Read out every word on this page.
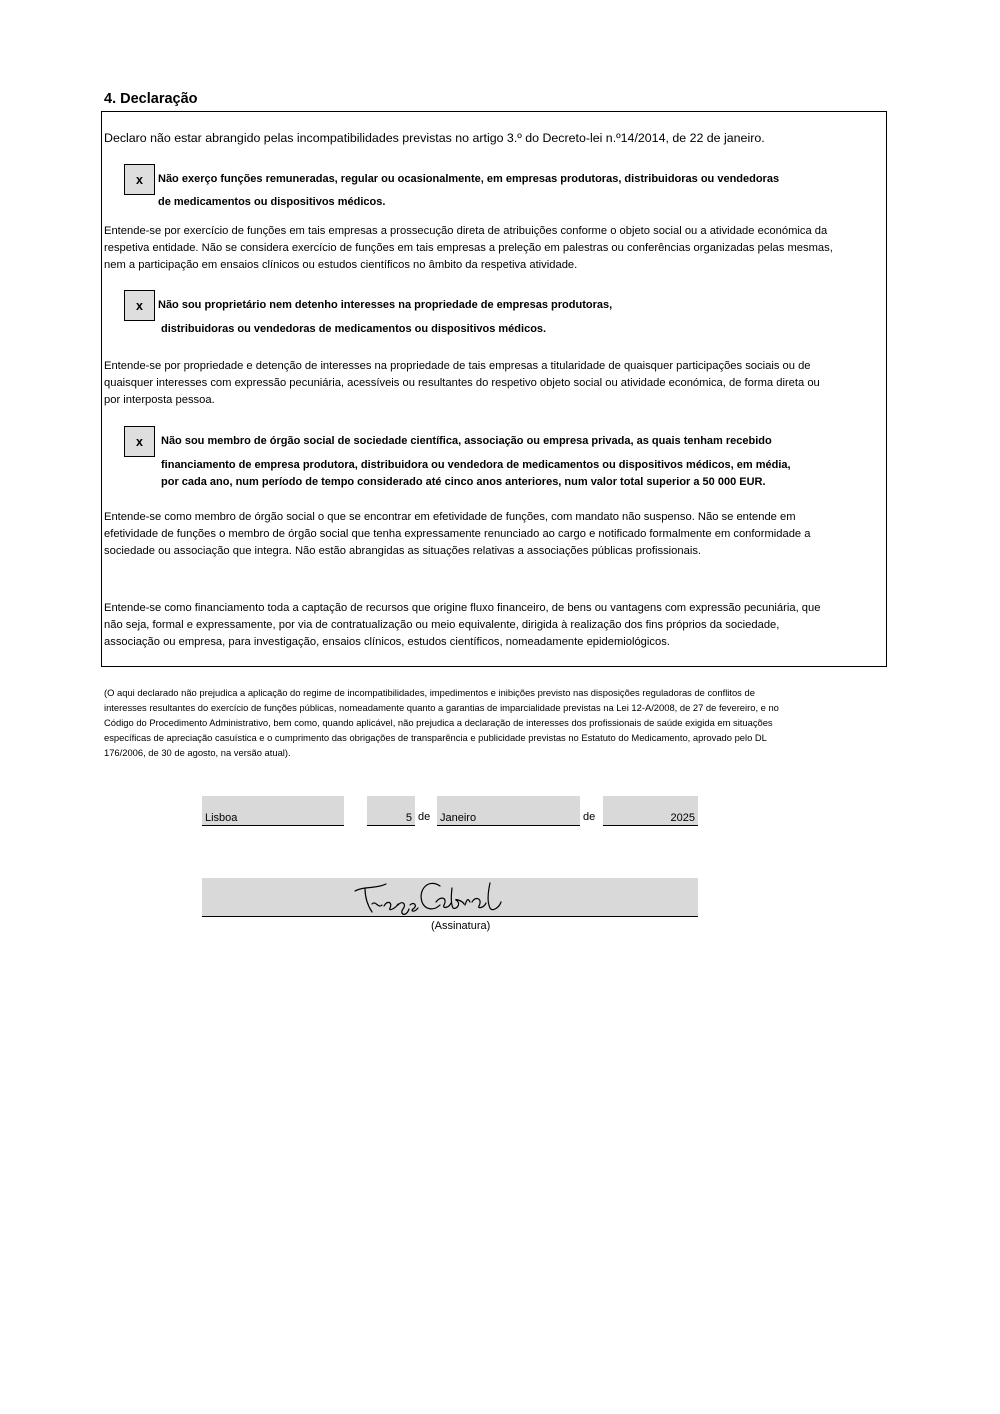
4. Declaração
Declaro não estar abrangido pelas incompatibilidades previstas no artigo 3.º do Decreto-lei n.º14/2014, de 22 de janeiro.
x	Não exerço funções remuneradas, regular ou ocasionalmente, em empresas produtoras, distribuidoras ou vendedoras
de medicamentos ou dispositivos médicos.
Entende-se por exercício de funções em tais empresas a prossecução direta de atribuições conforme o objeto social ou a atividade económica da
respetiva entidade. Não se considera exercício de funções em tais empresas a preleção em palestras ou conferências organizadas pelas mesmas,
nem a participação em ensaios clínicos ou estudos científicos no âmbito da respetiva atividade.
x	Não sou proprietário nem detenho interesses na propriedade de empresas produtoras,
distribuidoras ou vendedoras de medicamentos ou dispositivos médicos.
Entende-se por propriedade e detenção de interesses na propriedade de tais empresas a titularidade de quaisquer participações sociais ou de
quaisquer interesses com expressão pecuniária, acessíveis ou resultantes do respetivo objeto social ou atividade económica, de forma direta ou
por interposta pessoa.
x	Não sou membro de órgão social de sociedade científica, associação ou empresa privada, as quais tenham recebido
financiamento de empresa produtora, distribuidora ou vendedora de medicamentos ou dispositivos médicos, em média,
por cada ano, num período de tempo considerado até cinco anos anteriores, num valor total superior a 50 000 EUR.
Entende-se como membro de órgão social o que se encontrar em efetividade de funções, com mandato não suspenso. Não se entende em
efetividade de funções o membro de órgão social que tenha expressamente renunciado ao cargo e notificado formalmente em conformidade a
sociedade ou associação que integra. Não estão abrangidas as situações relativas a associações públicas profissionais.
Entende-se como financiamento toda a captação de recursos que origine fluxo financeiro, de bens ou vantagens com expressão pecuniária, que
não seja, formal e expressamente, por via de contratualização ou meio equivalente, dirigida à realização dos fins próprios da sociedade,
associação ou empresa, para investigação, ensaios clínicos, estudos científicos, nomeadamente epidemiológicos.
(O aqui declarado não prejudica a aplicação do regime de incompatibilidades, impedimentos e inibições previsto nas disposições reguladoras de conflitos de
interesses resultantes do exercício de funções públicas, nomeadamente quanto a garantias de imparcialidade previstas na Lei 12-A/2008, de 27 de fevereiro, e no
Código do Procedimento Administrativo, bem como, quando aplicável, não prejudica a declaração de interesses dos profissionais de saúde exigida em situações
específicas de apreciação casuística e o cumprimento das obrigações de transparência e publicidade previstas no Estatuto do Medicamento, aprovado pelo DL
176/2006, de 30 de agosto, na versão atual).
Lisboa	5 de Janeiro	de	2025
(Assinatura)
